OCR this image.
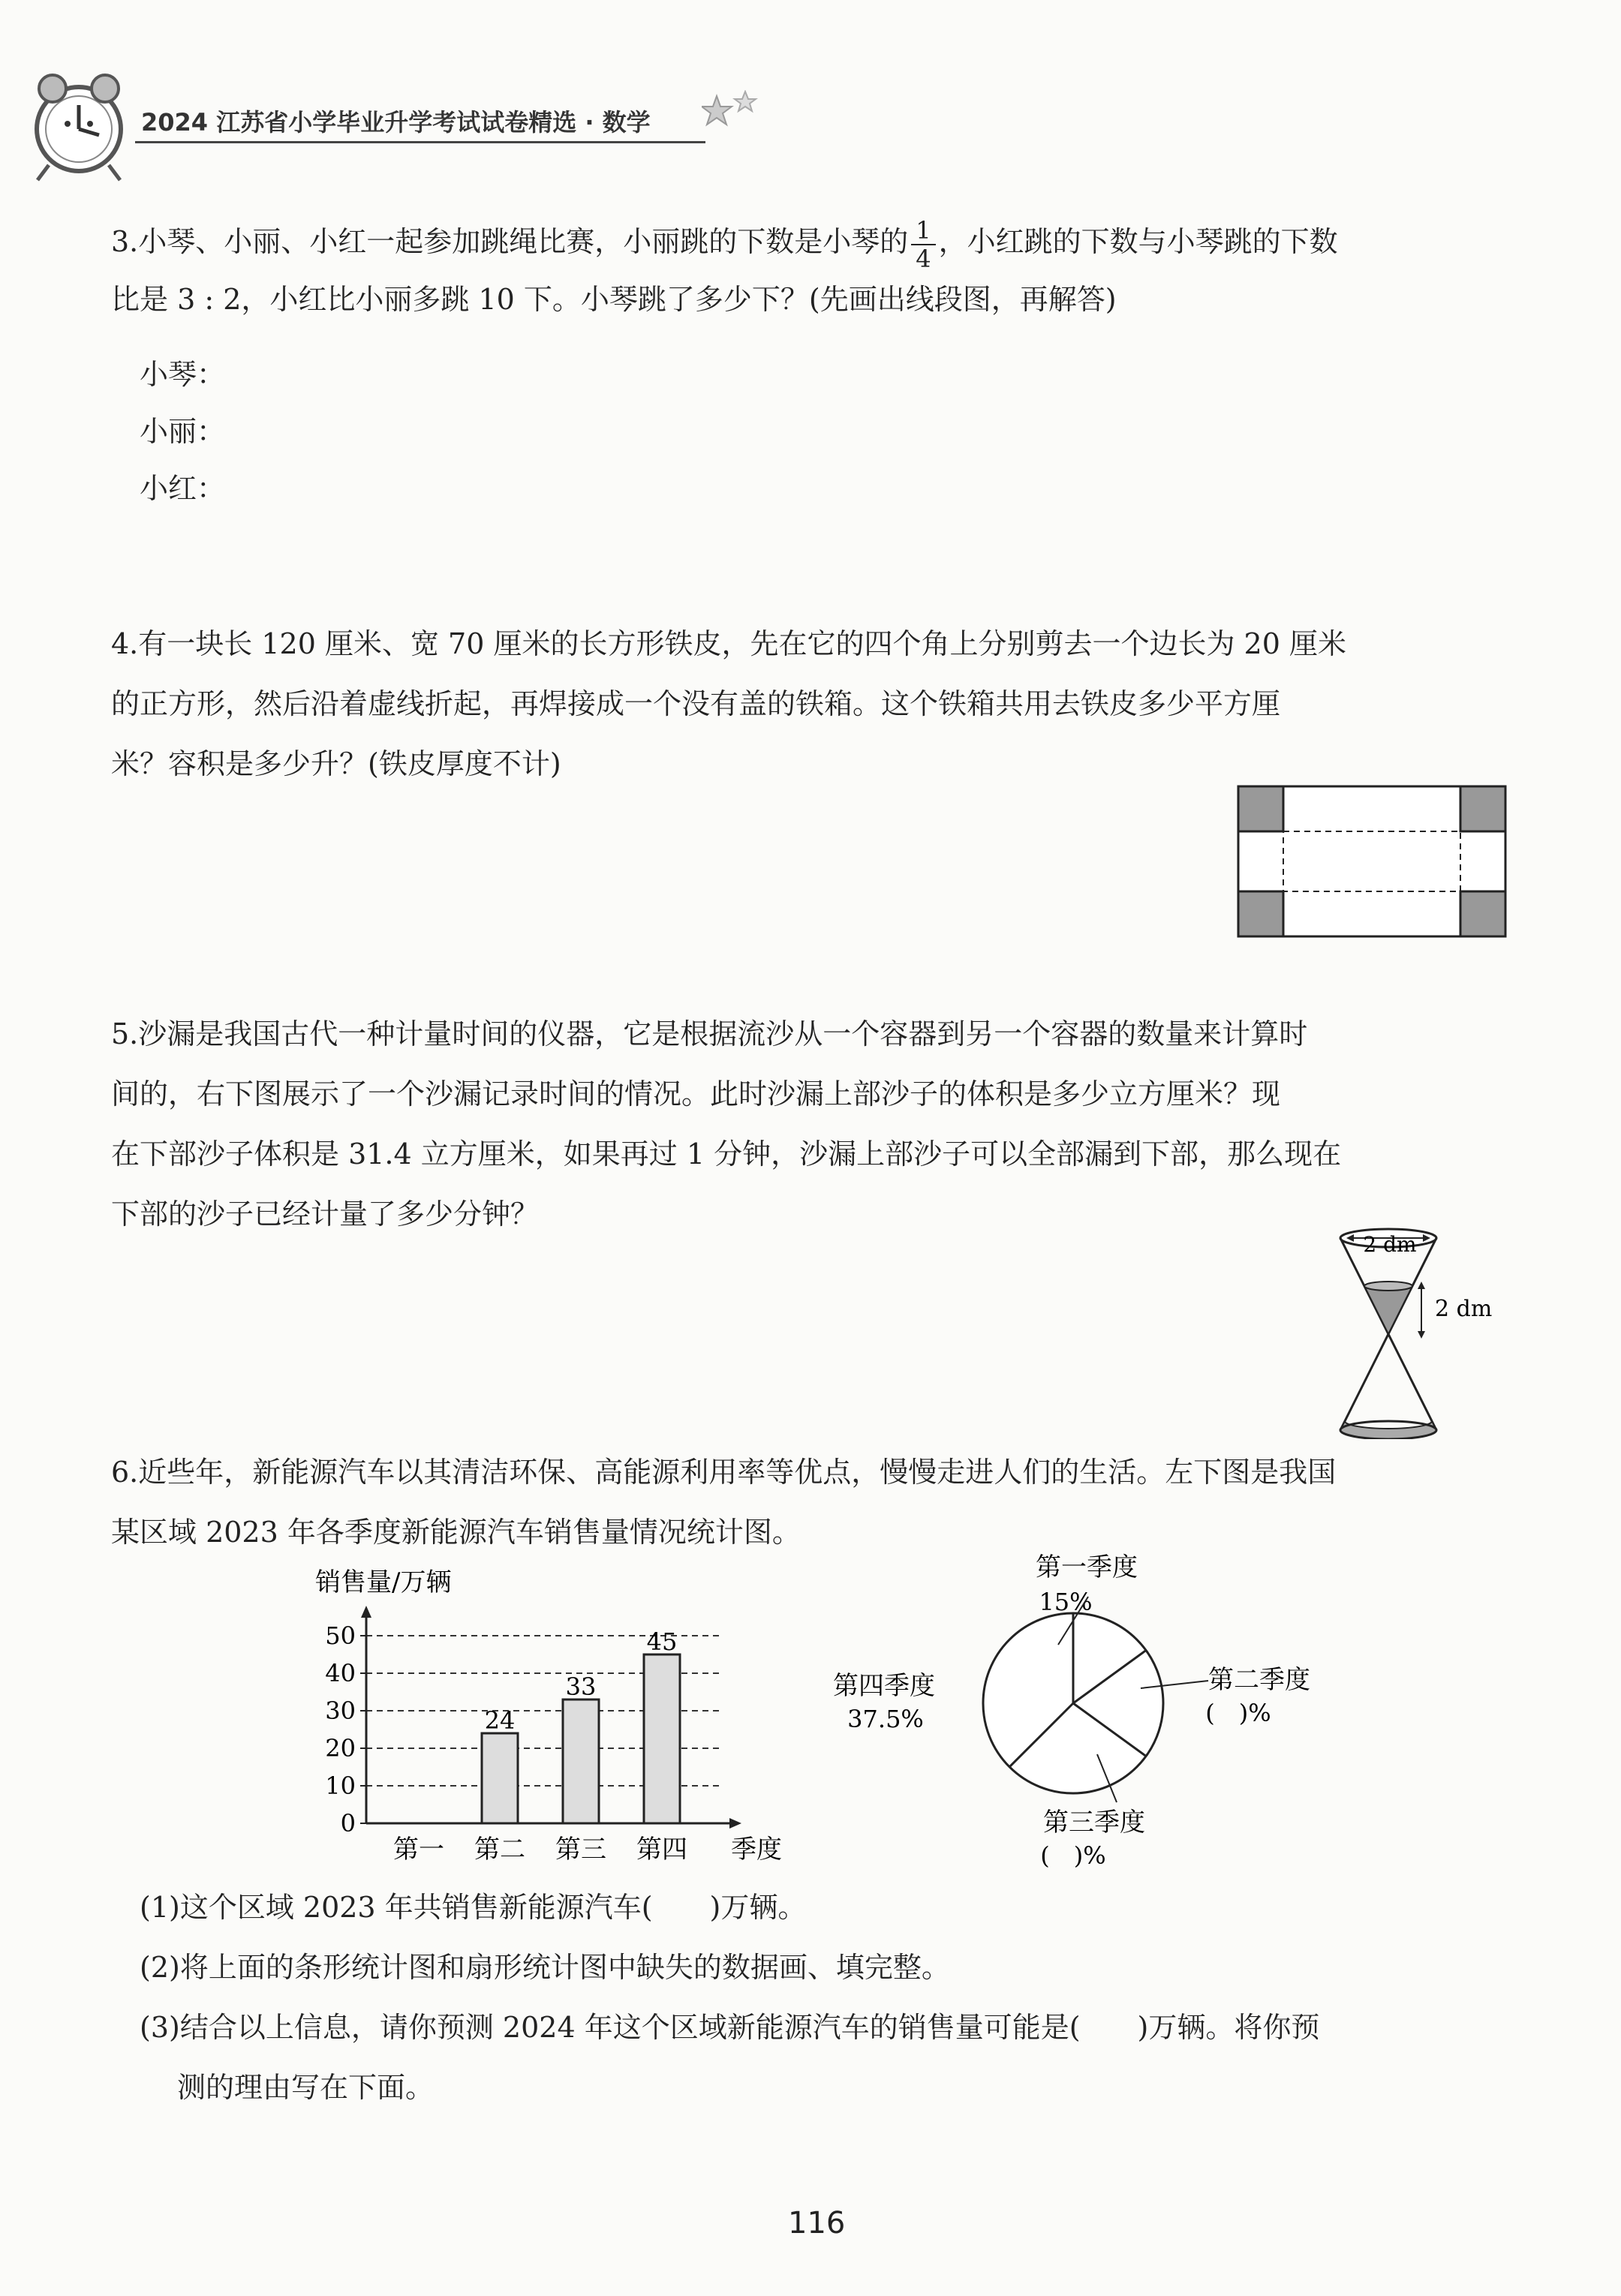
2024 江苏省小学毕业升学考试试卷精选 · 数学
3.小琴、小丽、小红一起参加跳绳比赛，小丽跳的下数是小琴的 $\frac{1}{4}$ ，小红跳的下数与小琴跳的下数
比是 3 : 2，小红比小丽多跳 10 下。小琴跳了多少下？(先画出线段图，再解答)
小琴：
小丽：
小红：
4.有一块长 120 厘米、宽 70 厘米的长方形铁皮，先在它的四个角上分别剪去一个边长为 20 厘米
的正方形，然后沿着虚线折起，再焊接成一个没有盖的铁箱。这个铁箱共用去铁皮多少平方厘
米？容积是多少升？(铁皮厚度不计)
5.沙漏是我国古代一种计量时间的仪器，它是根据流沙从一个容器到另一个容器的数量来计算时
间的，右下图展示了一个沙漏记录时间的情况。此时沙漏上部沙子的体积是多少立方厘米？现
在下部沙子体积是 31.4 立方厘米，如果再过 1 分钟，沙漏上部沙子可以全部漏到下部，那么现在
下部的沙子已经计量了多少分钟？
2 dm
2 dm
6.近些年，新能源汽车以其清洁环保、高能源利用率等优点，慢慢走进人们的生活。左下图是我国
某区域 2023 年各季度新能源汽车销售量情况统计图。
销售量/万辆
0
10
20
30
40
50
第一
24
第二
33
第三
45
第四 季度
第一季度
15%
第二季度
(　)%
第三季度
(　)%
第四季度
37.5%
(1)这个区域 2023 年共销售新能源汽车(　　)万辆。
(2)将上面的条形统计图和扇形统计图中缺失的数据画、填完整。
(3)结合以上信息，请你预测 2024 年这个区域新能源汽车的销售量可能是(　　)万辆。将你预
测的理由写在下面。
116
